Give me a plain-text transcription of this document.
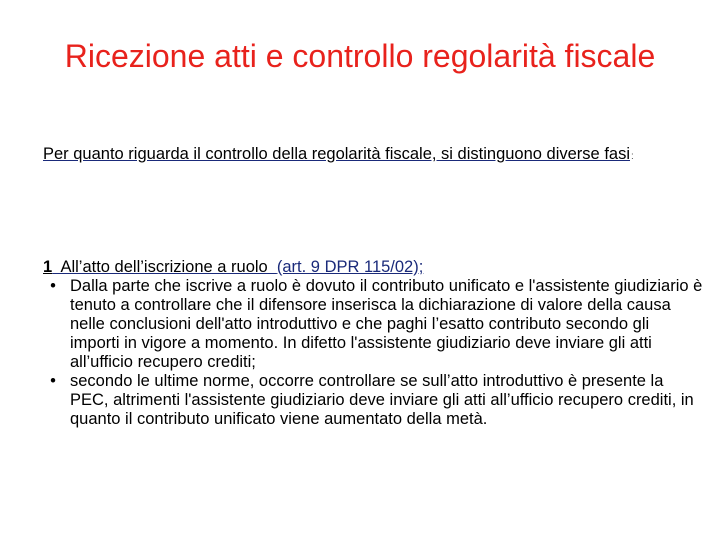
Ricezione atti e controllo regolarità fiscale

Per quanto riguarda il controllo della regolarità fiscale, si distinguono diverse fasi:

1  All’atto dell’iscrizione a ruolo  (art. 9 DPR 115/02);

• Dalla parte che iscrive a ruolo è dovuto il contributo unificato e l'assistente giudiziario è tenuto a controllare che il difensore inserisca la dichiarazione di valore della causa nelle conclusioni dell'atto introduttivo e che paghi l’esatto contributo secondo gli importi in vigore a momento. In difetto l'assistente giudiziario deve inviare gli atti all’ufficio recupero crediti;
• secondo le ultime norme, occorre controllare se sull’atto introduttivo è presente la PEC, altrimenti l'assistente giudiziario deve inviare gli atti all’ufficio recupero crediti, in quanto il contributo unificato viene aumentato della metà.
